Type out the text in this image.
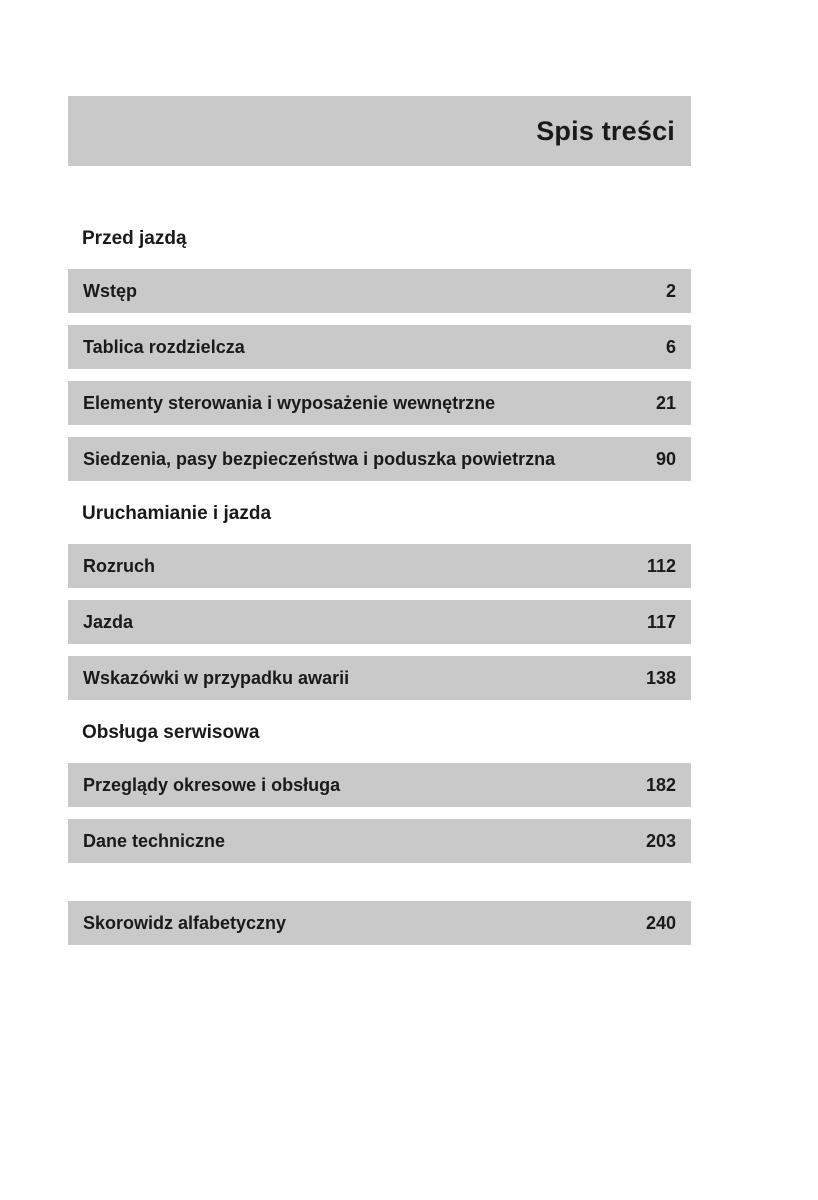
Spis treści
Przed jazdą
Wstęp	2
Tablica rozdzielcza	6
Elementy sterowania i wyposażenie wewnętrzne	21
Siedzenia, pasy bezpieczeństwa i poduszka powietrzna	90
Uruchamianie i jazda
Rozruch	112
Jazda	117
Wskazówki w przypadku awarii	138
Obsługa serwisowa
Przeglądy okresowe i obsługa	182
Dane techniczne	203
Skorowidz alfabetyczny	240
